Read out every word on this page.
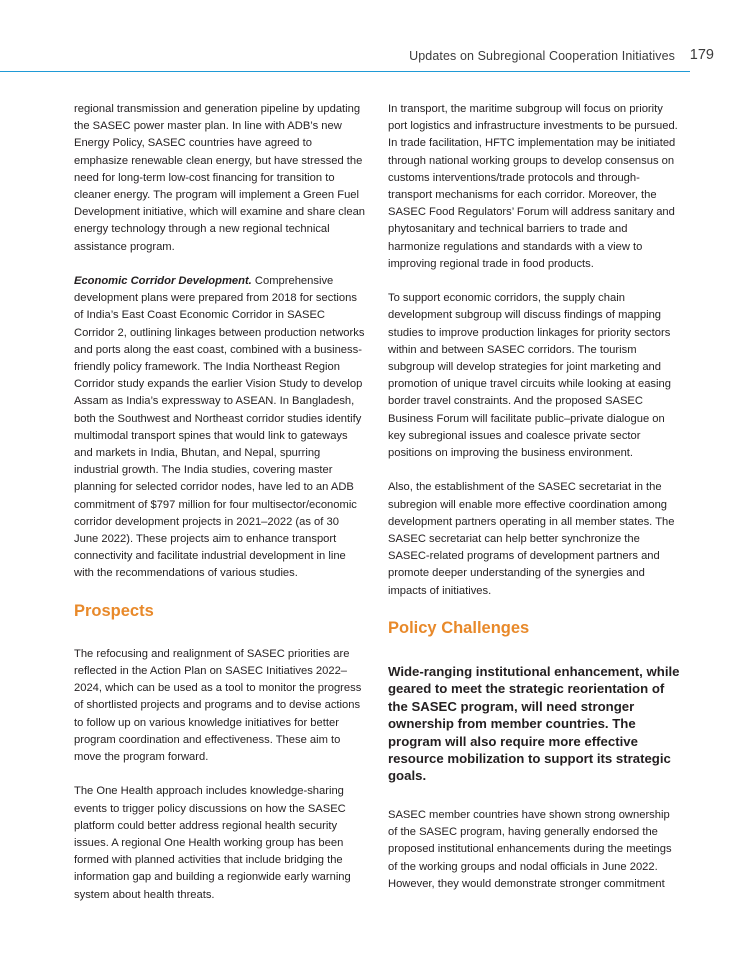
Updates on Subregional Cooperation Initiatives 179

regional transmission and generation pipeline by updating the SASEC power master plan. In line with ADB’s new Energy Policy, SASEC countries have agreed to emphasize renewable clean energy, but have stressed the need for long-term low-cost financing for transition to cleaner energy. The program will implement a Green Fuel Development initiative, which will examine and share clean energy technology through a new regional technical assistance program.

Economic Corridor Development. Comprehensive development plans were prepared from 2018 for sections of India’s East Coast Economic Corridor in SASEC Corridor 2, outlining linkages between production networks and ports along the east coast, combined with a business-friendly policy framework. The India Northeast Region Corridor study expands the earlier Vision Study to develop Assam as India’s expressway to ASEAN. In Bangladesh, both the Southwest and Northeast corridor studies identify multimodal transport spines that would link to gateways and markets in India, Bhutan, and Nepal, spurring industrial growth. The India studies, covering master planning for selected corridor nodes, have led to an ADB commitment of $797 million for four multisector/economic corridor development projects in 2021–2022 (as of 30 June 2022). These projects aim to enhance transport connectivity and facilitate industrial development in line with the recommendations of various studies.

Prospects

The refocusing and realignment of SASEC priorities are reflected in the Action Plan on SASEC Initiatives 2022–2024, which can be used as a tool to monitor the progress of shortlisted projects and programs and to devise actions to follow up on various knowledge initiatives for better program coordination and effectiveness. These aim to move the program forward.

The One Health approach includes knowledge-sharing events to trigger policy discussions on how the SASEC platform could better address regional health security issues. A regional One Health working group has been formed with planned activities that include bridging the information gap and building a regionwide early warning system about health threats.

In transport, the maritime subgroup will focus on priority port logistics and infrastructure investments to be pursued. In trade facilitation, HFTC implementation may be initiated through national working groups to develop consensus on customs interventions/trade protocols and through-transport mechanisms for each corridor. Moreover, the SASEC Food Regulators’ Forum will address sanitary and phytosanitary and technical barriers to trade and harmonize regulations and standards with a view to improving regional trade in food products.

To support economic corridors, the supply chain development subgroup will discuss findings of mapping studies to improve production linkages for priority sectors within and between SASEC corridors. The tourism subgroup will develop strategies for joint marketing and promotion of unique travel circuits while looking at easing border travel constraints. And the proposed SASEC Business Forum will facilitate public–private dialogue on key subregional issues and coalesce private sector positions on improving the business environment.

Also, the establishment of the SASEC secretariat in the subregion will enable more effective coordination among development partners operating in all member states. The SASEC secretariat can help better synchronize the SASEC-related programs of development partners and promote deeper understanding of the synergies and impacts of initiatives.

Policy Challenges

Wide-ranging institutional enhancement, while geared to meet the strategic reorientation of the SASEC program, will need stronger ownership from member countries. The program will also require more effective resource mobilization to support its strategic goals.

SASEC member countries have shown strong ownership of the SASEC program, having generally endorsed the proposed institutional enhancements during the meetings of the working groups and nodal officials in June 2022. However, they would demonstrate stronger commitment
